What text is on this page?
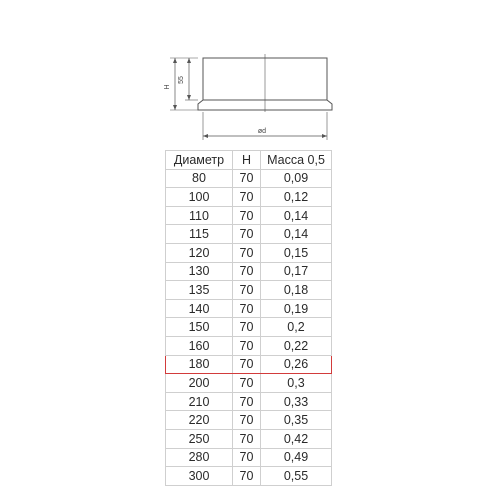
H
55
ød
Диаметр	H	Масса 0,5
80	70	0,09
100	70	0,12
110	70	0,14
115	70	0,14
120	70	0,15
130	70	0,17
135	70	0,18
140	70	0,19
150	70	0,2
160	70	0,22
180	70	0,26
200	70	0,3
210	70	0,33
220	70	0,35
250	70	0,42
280	70	0,49
300	70	0,55
